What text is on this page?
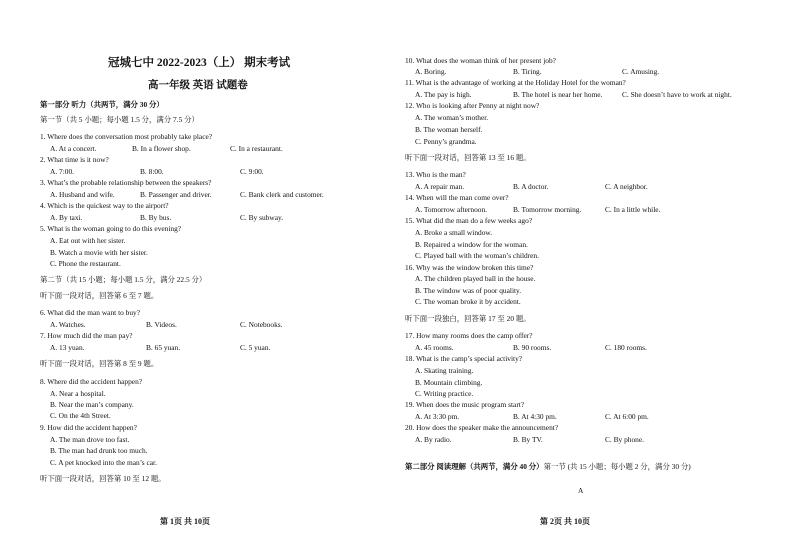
冠城七中 2022-2023（上） 期末考试
高一年级 英语 试题卷
第一部分 听力（共两节，满分 30 分）
第一节（共 5 小题；每小题 1.5 分，满分 7.5 分）
1. Where does the conversation most probably take place?
A. At a concert.	B. In a flower shop.	C. In a restaurant.
2. What time is it now?
A. 7:00.	B. 8:00.	C. 9:00.
3. What’s the probable relationship between the speakers?
A. Husband and wife.	B. Passenger and driver.	C. Bank clerk and customer.
4. Which is the quickest way to the airport?
A. By taxi.	B. By bus.	C. By subway.
5. What is the woman going to do this evening?
A. Eat out with her sister.
B. Watch a movie with her sister.
C. Phone the restaurant.
第二节（共 15 小题；每小题 1.5 分，满分 22.5 分）
听下面一段对话，回答第 6 至 7 题。
6. What did the man want to buy?
A. Watches.	B. Videos.	C. Notebooks.
7. How much did the man pay?
A. 13 yuan.	B. 65 yuan.	C. 5 yuan.
听下面一段对话，回答第 8 至 9 题。
8. Where did the accident happen?
A. Near a hospital.
B. Near the man’s company.
C. On the 4th Street.
9. How did the accident happen?
A. The man drove too fast.
B. The man had drunk too much.
C. A pet knocked into the man’s car.
听下面一段对话，回答第 10 至 12 题。
第 1页 共 10页
10. What does the woman think of her present job?
A. Boring.	B. Tiring.	C. Amusing.
11. What is the advantage of working at the Holiday Hotel for the woman?
A. The pay is high.	B. The hotel is near her home.	C. She doesn’t have to work at night.
12. Who is looking after Penny at night now?
A. The woman’s mother.
B. The woman herself.
C. Penny’s grandma.
听下面一段对话，回答第 13 至 16 题。
13. Who is the man?
A. A repair man.	B. A doctor.	C. A neighbor.
14. When will the man come over?
A. Tomorrow afternoon.	B. Tomorrow morning.	C. In a little while.
15. What did the man do a few weeks ago?
A. Broke a small window.
B. Repaired a window for the woman.
C. Played ball with the woman’s children.
16. Why was the window broken this time?
A. The children played ball in the house.
B. The window was of poor quality.
C. The woman broke it by accident.
听下面一段独白，回答第 17 至 20 题。
17. How many rooms does the camp offer?
A. 45 rooms.	B. 90 rooms.	C. 180 rooms.
18. What is the camp’s special activity?
A. Skating training.
B. Mountain climbing.
C. Writing practice.
19. When does the music program start?
A. At 3:30 pm.	B. At 4:30 pm.	C. At 6:00 pm.
20. How does the speaker make the announcement?
A. By radio.	B. By TV.	C. By phone.
第二部分 阅读理解（共两节，满分 40 分）第一节 (共 15 小题；每小题 2 分，满分 30 分)
A
第 2页 共 10页
